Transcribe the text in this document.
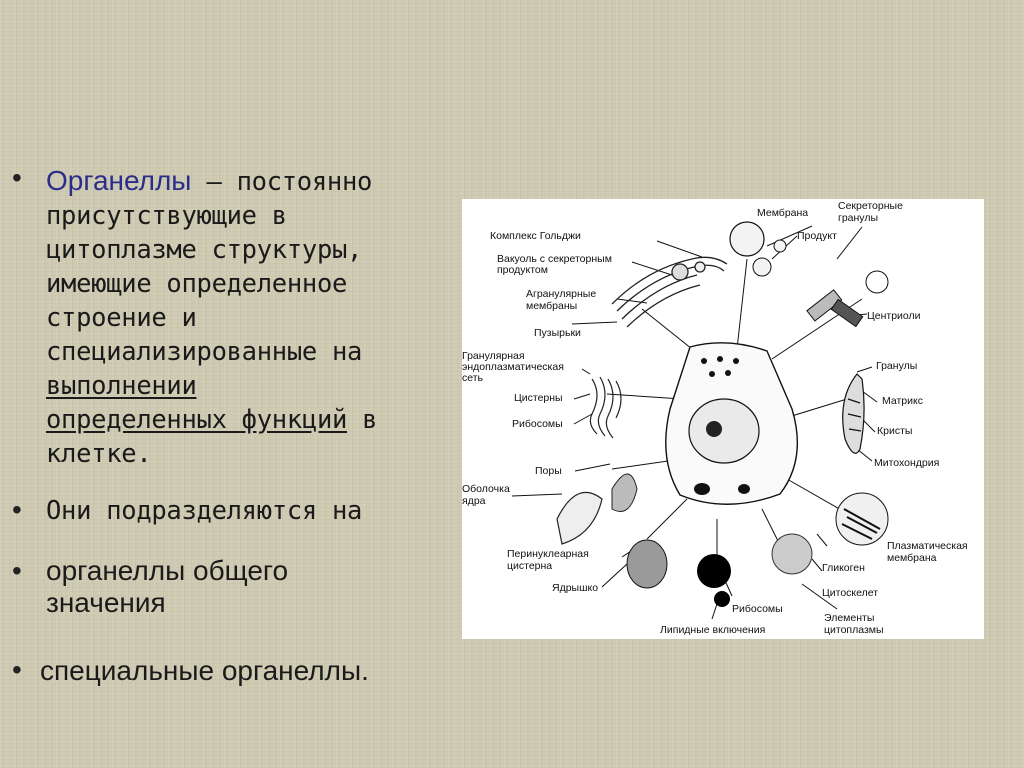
• Органеллы – постоянно
присутствующие в
цитоплазме структуры,
имеющие определенное
строение и
специализированные на
выполнении
определенных функций в
клетке.
• Они подразделяются на
• органеллы общего
значения
• специальные органеллы.
Мембрана
Секреторные
гранулы
Комплекс Гольджи	Продукт
Вакуоль с секреторным
продуктом
Агранулярные
мембраны
Пузырьки
Центриоли
Гранулярная
эндоплазматическая
сеть
Гранулы
Цистерны	Матрикс
Рибосомы
Кристы
Поры
Митохондрия
Оболочка
ядра
Перинуклеарная
цистерна
Плазматическая
мембрана
Гликоген
Ядрышко	Цитоскелет
Рибосомы
Элементы
цитоплазмы
Липидные включения
